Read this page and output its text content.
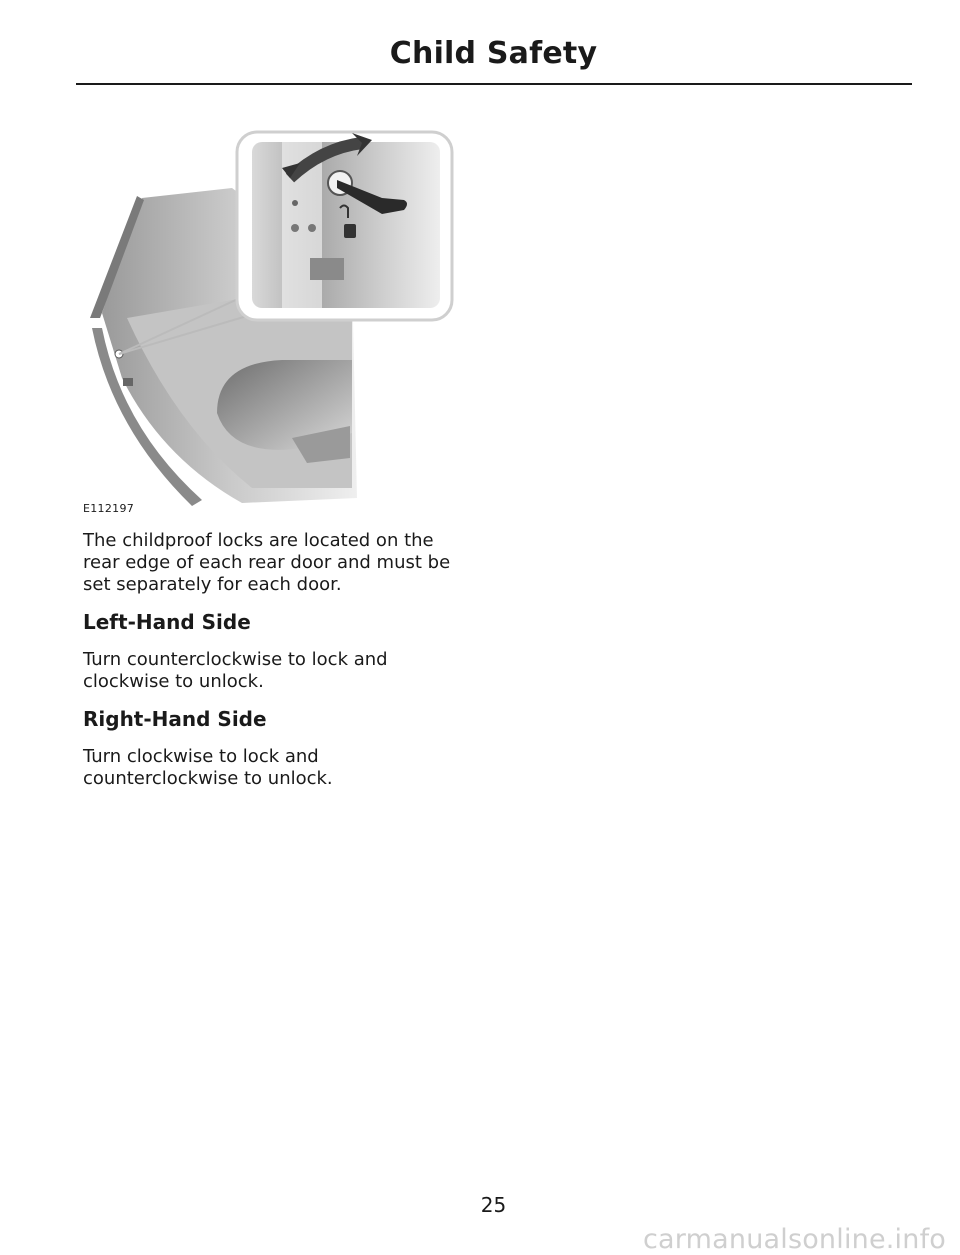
Child Safety
E112197
The childproof locks are located on the rear edge of each rear door and must be set separately for each door.
Left-Hand Side
Turn counterclockwise to lock and clockwise to unlock.
Right-Hand Side
Turn clockwise to lock and counterclockwise to unlock.
25
carmanualsonline.info
